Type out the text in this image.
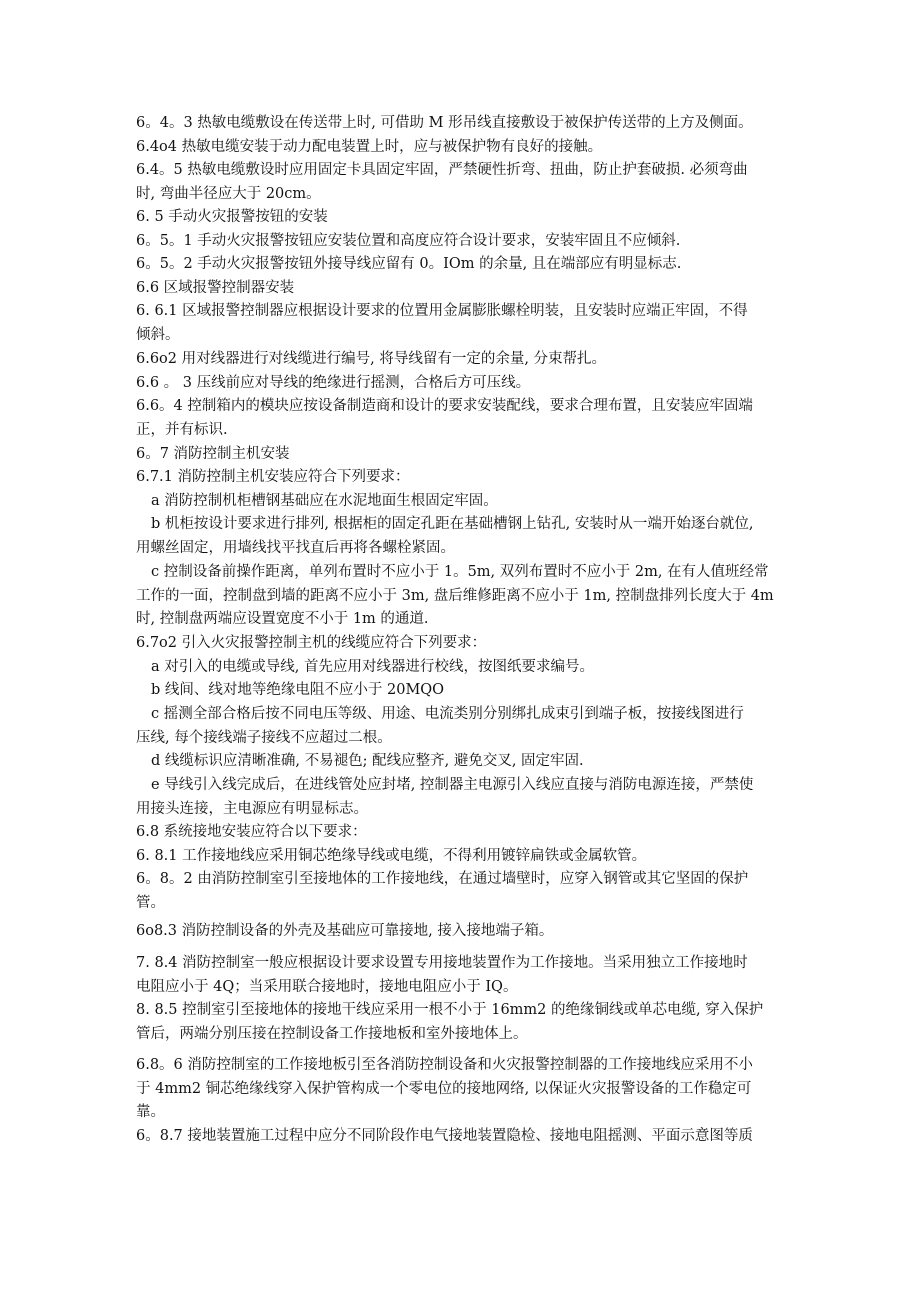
6。4。3 热敏电缆敷设在传送带上时, 可借助 M 形吊线直接敷设于被保护传送带的上方及侧面。

6.4o4 热敏电缆安装于动力配电装置上时，应与被保护物有良好的接触。

6.4。5 热敏电缆敷设时应用固定卡具固定牢固，严禁硬性折弯、扭曲，防止护套破损. 必须弯曲
时, 弯曲半径应大于 20cm。

6. 5 手动火灾报警按钮的安装

6。5。1 手动火灾报警按钮应安装位置和高度应符合设计要求，安装牢固且不应倾斜.

6。5。2 手动火灾报警按钮外接导线应留有 0。IOm 的余量, 且在端部应有明显标志.

6.6 区域报警控制器安装

6. 6.1 区域报警控制器应根据设计要求的位置用金属膨胀螺栓明装，且安装时应端正牢固，不得
倾斜。

6.6o2 用对线器进行对线缆进行编号, 将导线留有一定的余量, 分束帮扎。

6.6 。 3 压线前应对导线的绝缘进行摇测，合格后方可压线。

6.6。4 控制箱内的模块应按设备制造商和设计的要求安装配线，要求合理布置，且安装应牢固端
正，并有标识.

6。7 消防控制主机安装

6.7.1 消防控制主机安装应符合下列要求：

a 消防控制机柜槽钢基础应在水泥地面生根固定牢固。

b 机柜按设计要求进行排列, 根据柜的固定孔距在基础槽钢上钻孔, 安装时从一端开始逐台就位,
用螺丝固定，用墙线找平找直后再将各螺栓紧固。

c 控制设备前操作距离，单列布置时不应小于 1。5m, 双列布置时不应小于 2m, 在有人值班经常
工作的一面，控制盘到墙的距离不应小于 3m, 盘后维修距离不应小于 1m, 控制盘排列长度大于 4m
时, 控制盘两端应设置宽度不小于 1m 的通道.

6.7o2 引入火灾报警控制主机的线缆应符合下列要求：

a 对引入的电缆或导线, 首先应用对线器进行校线，按图纸要求编号。

b 线间、线对地等绝缘电阻不应小于 20MQO

c 摇测全部合格后按不同电压等级、用途、电流类别分别绑扎成束引到端子板，按接线图进行
压线, 每个接线端子接线不应超过二根。

d 线缆标识应清晰准确, 不易褪色; 配线应整齐, 避免交叉, 固定牢固.

e 导线引入线完成后，在进线管处应封堵, 控制器主电源引入线应直接与消防电源连接，严禁使
用接头连接，主电源应有明显标志。

6.8 系统接地安装应符合以下要求：

6. 8.1 工作接地线应采用铜芯绝缘导线或电缆，不得利用镀锌扁铁或金属软管。

6。8。2 由消防控制室引至接地体的工作接地线，在通过墙壁时，应穿入钢管或其它坚固的保护
管。

6o8.3 消防控制设备的外壳及基础应可靠接地, 接入接地端子箱。

7. 8.4 消防控制室一般应根据设计要求设置专用接地装置作为工作接地。当采用独立工作接地时
电阻应小于 4Q；当采用联合接地时，接地电阻应小于 IQ。

8. 8.5 控制室引至接地体的接地干线应采用一根不小于 16mm2 的绝缘铜线或单芯电缆, 穿入保护
管后，两端分别压接在控制设备工作接地板和室外接地体上。

6.8。6 消防控制室的工作接地板引至各消防控制设备和火灾报警控制器的工作接地线应采用不小
于 4mm2 铜芯绝缘线穿入保护管构成一个零电位的接地网络, 以保证火灾报警设备的工作稳定可
靠。

6。8.7 接地装置施工过程中应分不同阶段作电气接地装置隐检、接地电阻摇测、平面示意图等质
